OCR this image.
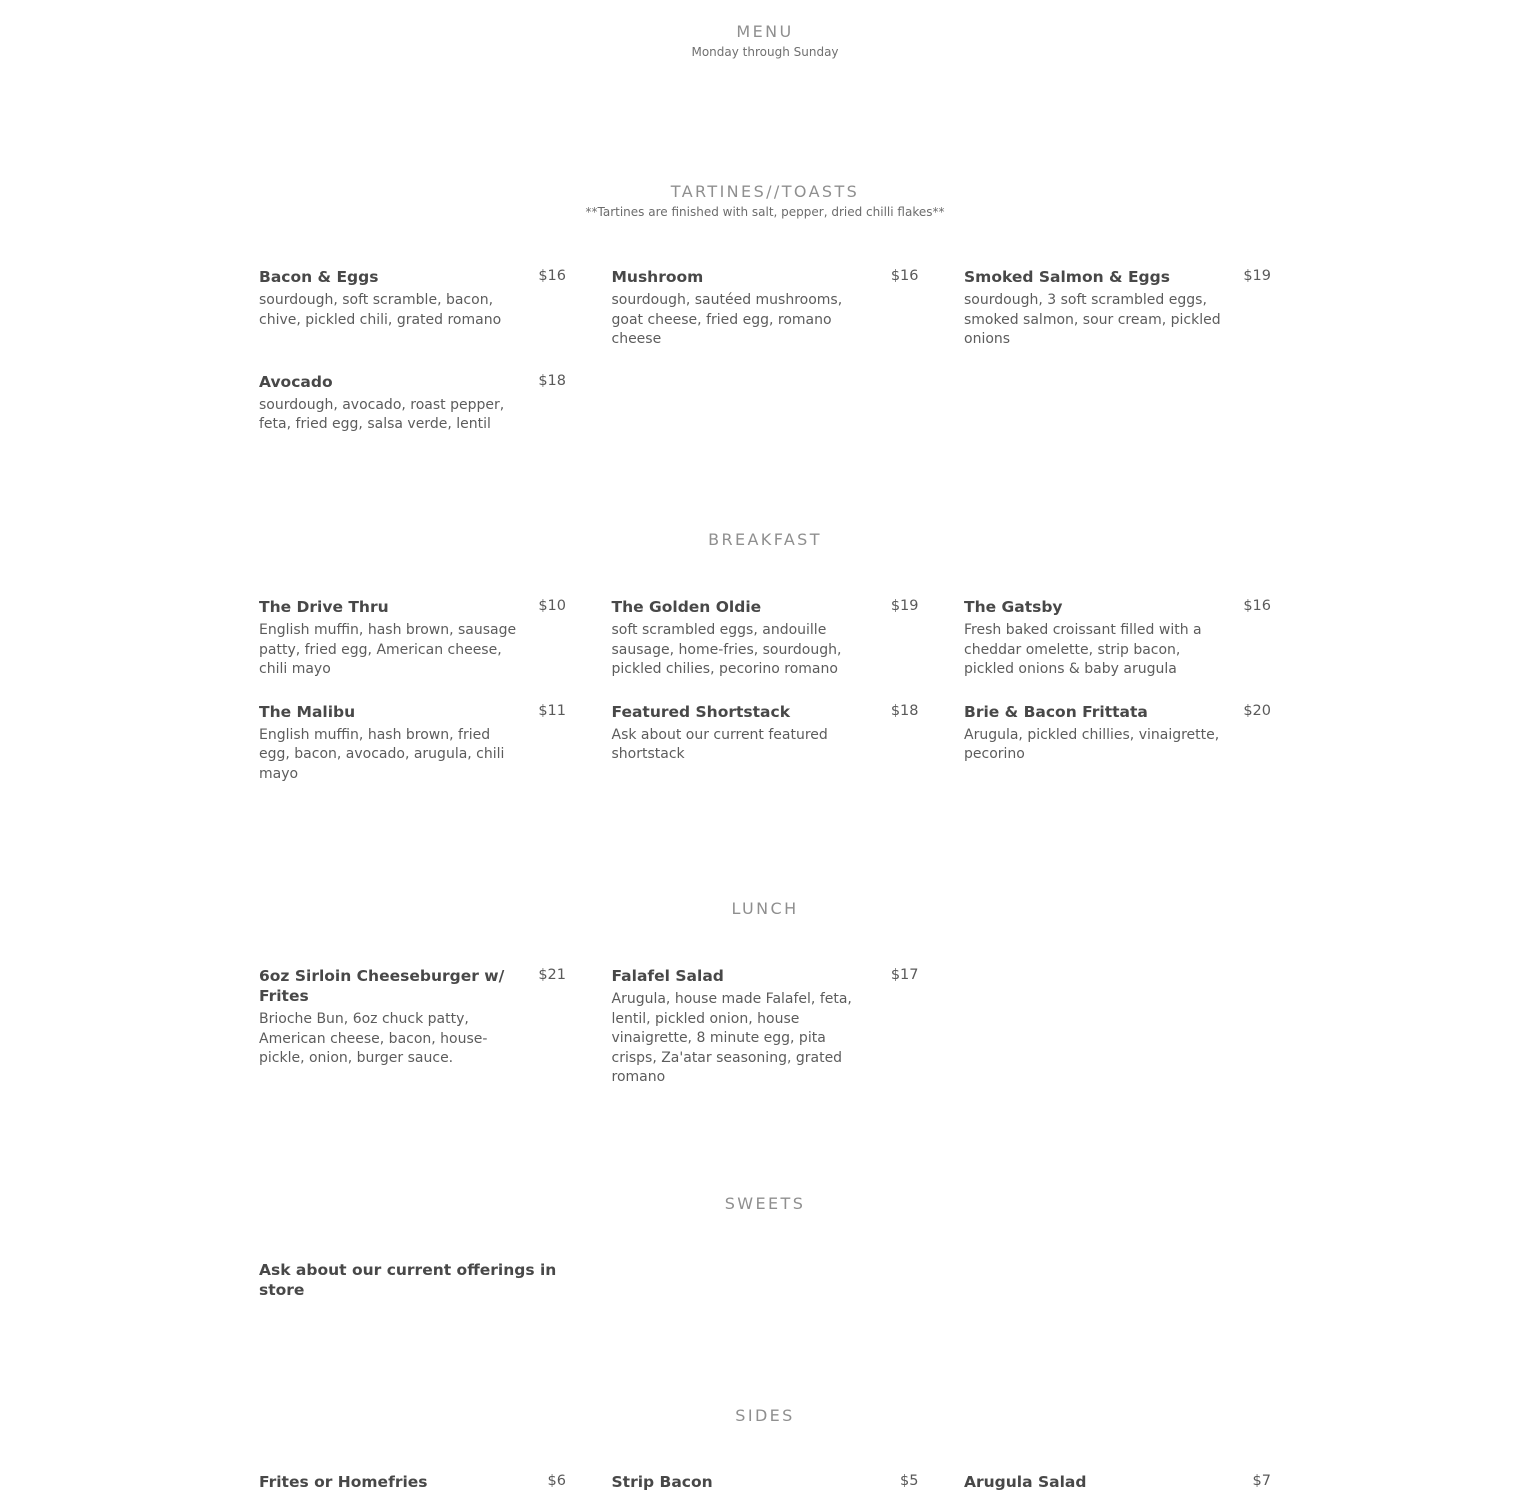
MENU
Monday through Sunday
TARTINES//TOASTS
**Tartines are finished with salt, pepper, dried chilli flakes**
Bacon & Eggs	$16
sourdough, soft scramble, bacon, chive, pickled chili, grated romano
Mushroom	$16
sourdough, sautéed mushrooms, goat cheese, fried egg, romano cheese
Smoked Salmon & Eggs	$19
sourdough, 3 soft scrambled eggs, smoked salmon, sour cream, pickled onions
Avocado	$18
sourdough, avocado, roast pepper, feta, fried egg, salsa verde, lentil
BREAKFAST
The Drive Thru	$10
English muffin, hash brown, sausage patty, fried egg, American cheese, chili mayo
The Golden Oldie	$19
soft scrambled eggs, andouille sausage, home-fries, sourdough, pickled chilies, pecorino romano
The Gatsby	$16
Fresh baked croissant filled with a cheddar omelette, strip bacon, pickled onions & baby arugula
The Malibu	$11
English muffin, hash brown, fried egg, bacon, avocado, arugula, chili mayo
Featured Shortstack	$18
Ask about our current featured shortstack
Brie & Bacon Frittata	$20
Arugula, pickled chillies, vinaigrette, pecorino
LUNCH
6oz Sirloin Cheeseburger w/ Frites
$21
Brioche Bun, 6oz chuck patty, American cheese, bacon, house-pickle, onion, burger sauce.
Falafel Salad	$17
Arugula, house made Falafel, feta, lentil, pickled onion, house vinaigrette, 8 minute egg, pita crisps, Za'atar seasoning, grated romano
SWEETS
Ask about our current offerings in store
SIDES
Frites or Homefries	$6	Strip Bacon	$5	Arugula Salad	$7
